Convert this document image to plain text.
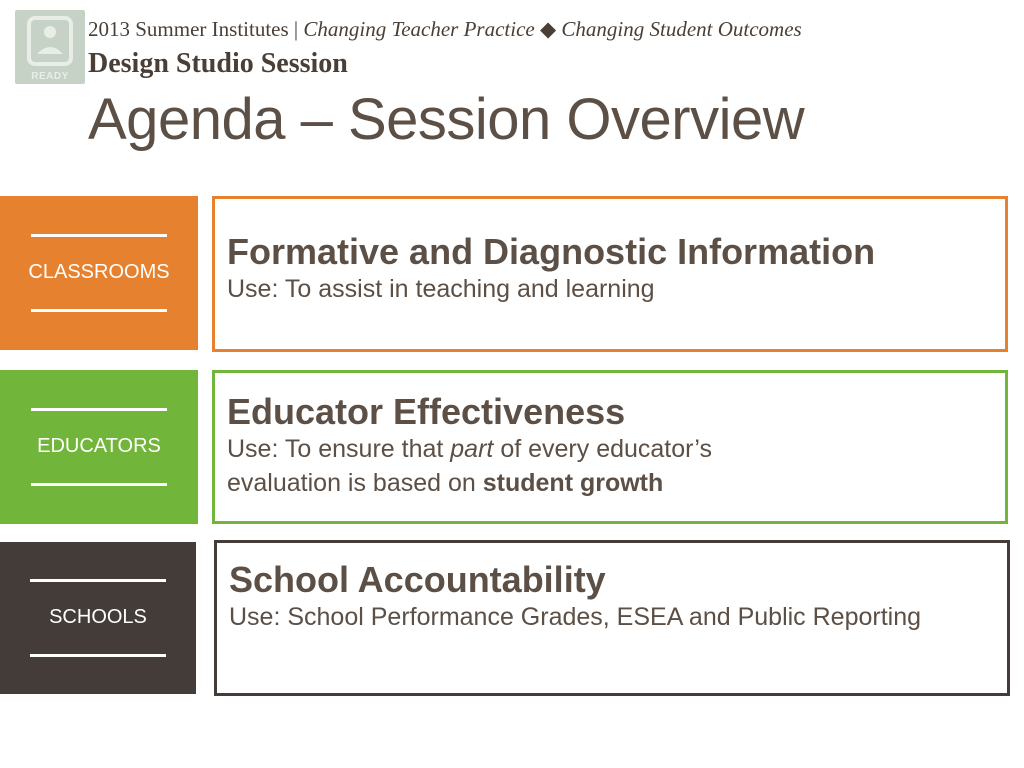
READY
2013 Summer Institutes | Changing Teacher Practice ◆ Changing Student Outcomes
Design Studio Session
Agenda – Session Overview
CLASSROOMS Formative and Diagnostic Information

Use: To assist in teaching and learning

EDUCATORS

Educator Effectiveness

Use: To ensure that part of every educator’s evaluation is based on student growth

SCHOOLS

School Accountability

Use: School Performance Grades, ESEA and Public Reporting
